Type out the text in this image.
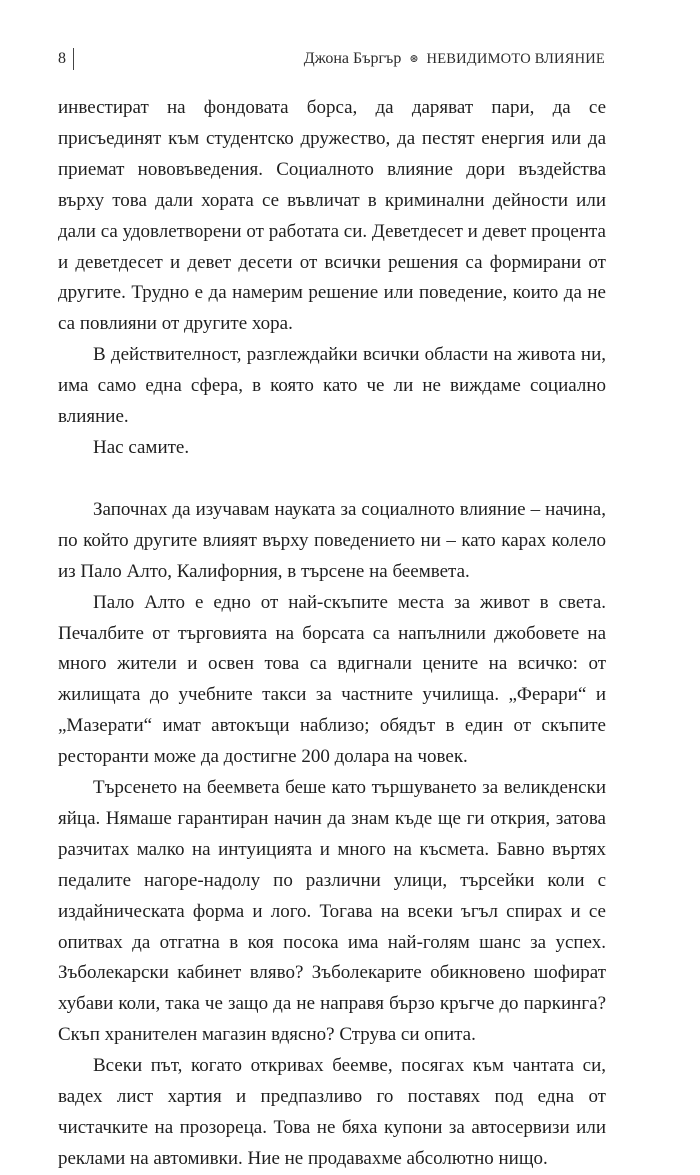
8	Джона Бъргър ⊛ НЕВИДИМОТО ВЛИЯНИЕ

инвестират на фондовата борса, да даряват пари, да се присъединят към студентско дружество, да пестят енергия или да приемат нововъведения. Социалното влияние дори въздейства върху това дали хората се въвличат в криминални дейности или дали са удовлетворени от работата си. Деветдесет и девет процента и деветдесет и девет десети от всички решения са формирани от другите. Трудно е да намерим решение или поведение, които да не са повлияни от другите хора.

В действителност, разглеждайки всички области на живота ни, има само една сфера, в която като че ли не виждаме социално влияние.

Нас самите.

Започнах да изучавам науката за социалното влияние – начина, по който другите влияят върху поведението ни – като карах колело из Пало Алто, Калифорния, в търсене на беемвета.

Пало Алто е едно от най-скъпите места за живот в света. Печалбите от търговията на борсата са напълнили джобовете на много жители и освен това са вдигнали цените на всичко: от жилищата до учебните такси за частните училища. „Ферари“ и „Мазерати“ имат автокъщи наблизо; обядът в един от скъпите ресторанти може да достигне 200 долара на човек.

Търсенето на беемвета беше като тършуването за великденски яйца. Нямаше гарантиран начин да знам къде ще ги открия, затова разчитах малко на интуицията и много на късмета. Бавно въртях педалите нагоре-надолу по различни улици, търсейки коли с издайническата форма и лого. Тогава на всеки ъгъл спирах и се опитвах да отгатна в коя посока има най-голям шанс за успех. Зъболекарски кабинет вляво? Зъболекарите обикновено шофират хубави коли, така че защо да не направя бързо кръгче до паркинга? Скъп хранителен магазин вдясно? Струва си опита.

Всеки път, когато откривах беемве, посягах към чантата си, вадех лист хартия и предпазливо го поставях под една от чистачките на прозореца. Това не бяха купони за автосервизи или реклами на автомивки. Ние не продавахме абсолютно нищо.
